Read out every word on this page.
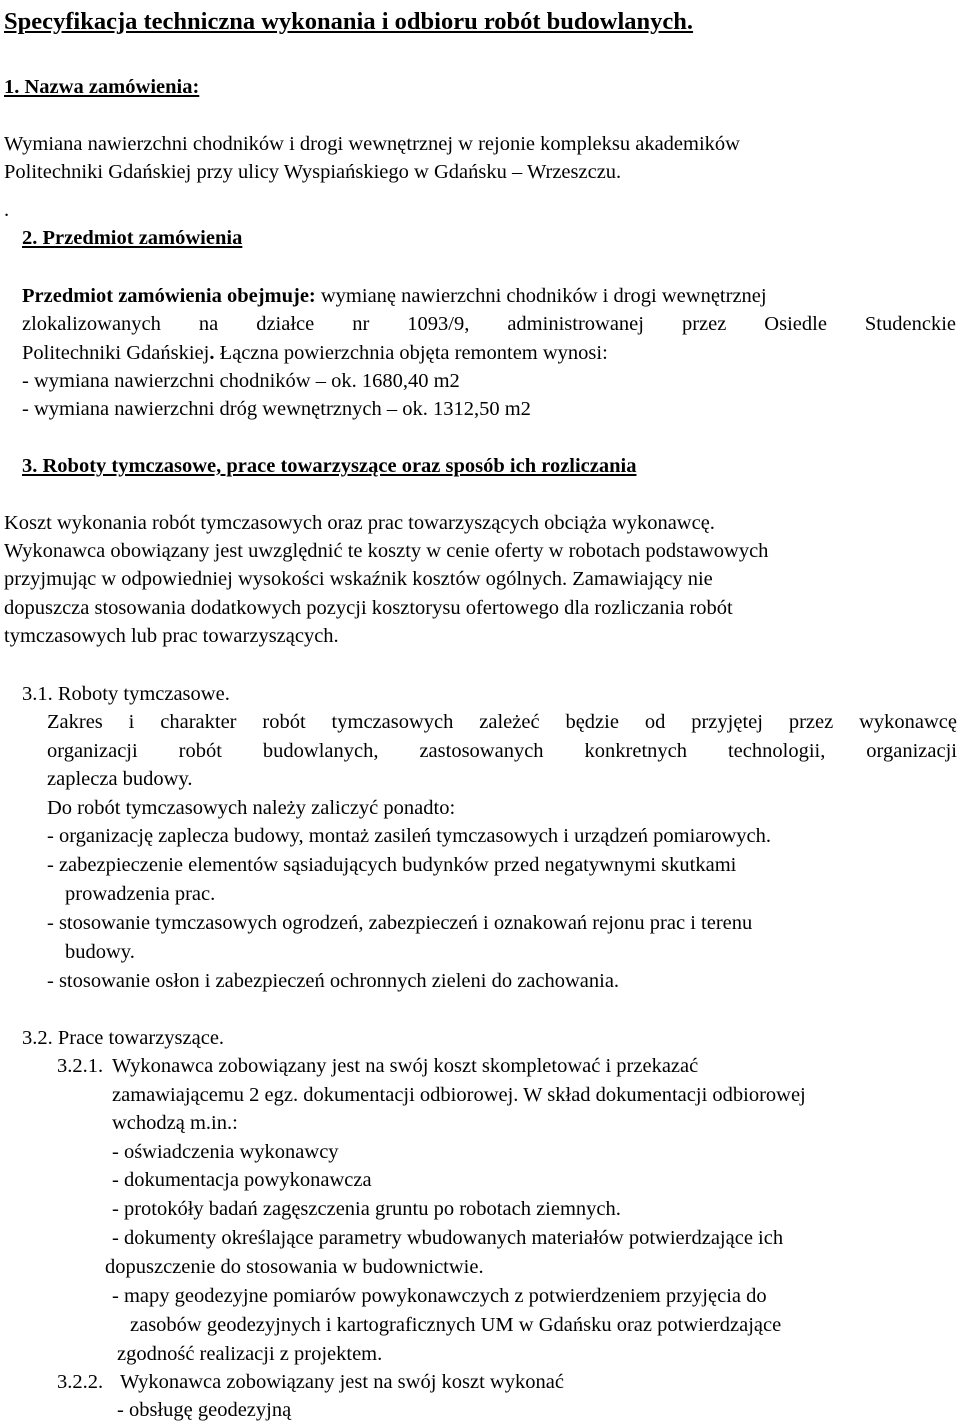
Specyfikacja techniczna wykonania i odbioru robót budowlanych.
1. Nazwa zamówienia:
Wymiana nawierzchni chodników i drogi wewnętrznej w rejonie kompleksu akademików
Politechniki Gdańskiej przy ulicy Wyspiańskiego w Gdańsku – Wrzeszczu.
.
2. Przedmiot zamówienia
Przedmiot zamówienia obejmuje: wymianę nawierzchni chodników i drogi wewnętrznej
zlokalizowanych na działce nr 1093/9, administrowanej przez Osiedle Studenckie
Politechniki Gdańskiej. Łączna powierzchnia objęta remontem wynosi:
- wymiana nawierzchni chodników – ok. 1680,40 m2
- wymiana nawierzchni dróg wewnętrznych – ok. 1312,50 m2
3. Roboty tymczasowe, prace towarzyszące oraz sposób ich rozliczania
Koszt wykonania robót tymczasowych oraz prac towarzyszących obciąża wykonawcę.
Wykonawca obowiązany jest uwzględnić te koszty w cenie oferty w robotach podstawowych
przyjmując w odpowiedniej wysokości wskaźnik kosztów ogólnych. Zamawiający nie
dopuszcza stosowania dodatkowych pozycji kosztorysu ofertowego dla rozliczania robót
tymczasowych lub prac towarzyszących.
3.1. Roboty tymczasowe.
Zakres i charakter robót tymczasowych zależeć będzie od przyjętej przez wykonawcę
organizacji robót budowlanych, zastosowanych konkretnych technologii, organizacji
zaplecza budowy.
Do robót tymczasowych należy zaliczyć ponadto:
- organizację zaplecza budowy, montaż zasileń tymczasowych i urządzeń pomiarowych.
- zabezpieczenie elementów sąsiadujących budynków przed negatywnymi skutkami
prowadzenia prac.
- stosowanie tymczasowych ogrodzeń, zabezpieczeń i oznakowań rejonu prac i terenu
budowy.
- stosowanie osłon i zabezpieczeń ochronnych zieleni do zachowania.
3.2. Prace towarzyszące.
3.2.1. Wykonawca zobowiązany jest na swój koszt skompletować i przekazać
zamawiającemu 2 egz. dokumentacji odbiorowej. W skład dokumentacji odbiorowej
wchodzą m.in.:
- oświadczenia wykonawcy
- dokumentacja powykonawcza
- protokóły badań zagęszczenia gruntu po robotach ziemnych.
- dokumenty określające parametry wbudowanych materiałów potwierdzające ich
dopuszczenie do stosowania w budownictwie.
- mapy geodezyjne pomiarów powykonawczych z potwierdzeniem przyjęcia do
zasobów geodezyjnych i kartograficznych UM w Gdańsku oraz potwierdzające
zgodność realizacji z projektem.
3.2.2. Wykonawca zobowiązany jest na swój koszt wykonać
- obsługę geodezyjną
